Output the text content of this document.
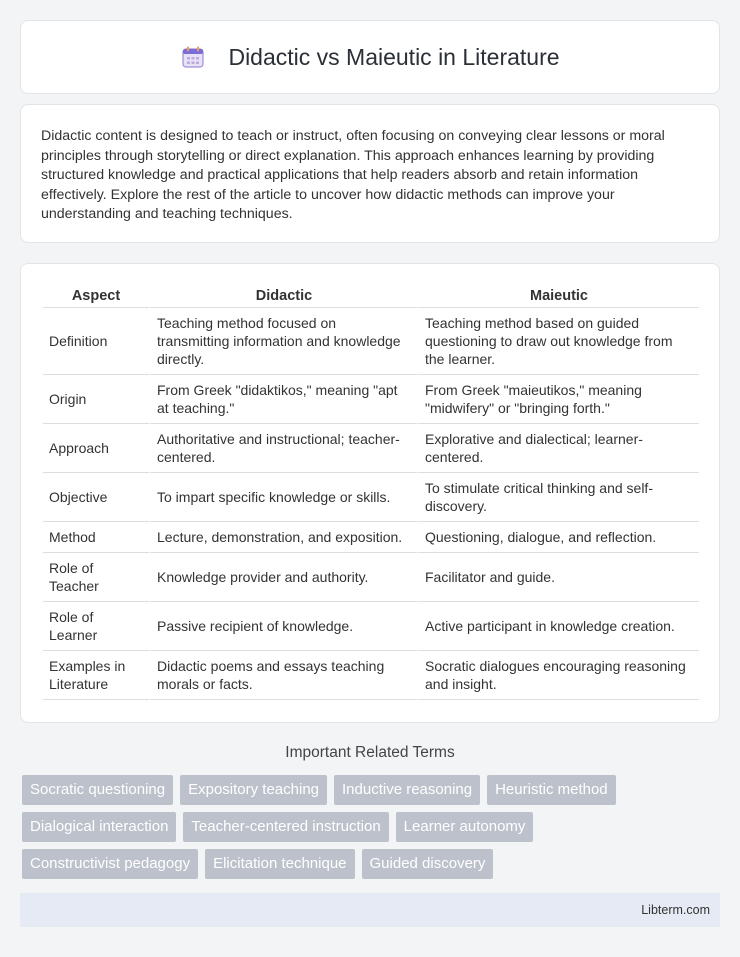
Didactic vs Maieutic in Literature

Didactic content is designed to teach or instruct, often focusing on conveying clear lessons or moral principles through storytelling or direct explanation. This approach enhances learning by providing structured knowledge and practical applications that help readers absorb and retain information effectively. Explore the rest of the article to uncover how didactic methods can improve your understanding and teaching techniques.

Aspect	Didactic	Maieutic
Definition	Teaching method focused on transmitting information and knowledge directly.	Teaching method based on guided questioning to draw out knowledge from the learner.
Origin	From Greek "didaktikos," meaning "apt at teaching."	From Greek "maieutikos," meaning "midwifery" or "bringing forth."
Approach	Authoritative and instructional; teacher-centered.	Explorative and dialectical; learner-centered.
Objective	To impart specific knowledge or skills.	To stimulate critical thinking and self-discovery.
Method	Lecture, demonstration, and exposition.	Questioning, dialogue, and reflection.
Role of Teacher	Knowledge provider and authority.	Facilitator and guide.
Role of Learner	Passive recipient of knowledge.	Active participant in knowledge creation.
Examples in Literature	Didactic poems and essays teaching morals or facts.	Socratic dialogues encouraging reasoning and insight.
Important Related Terms
Socratic questioning	Expository teaching	Inductive reasoning	Heuristic method
Dialogical interaction	Teacher-centered instruction	Learner autonomy
Constructivist pedagogy	Elicitation technique	Guided discovery
Libterm.com
